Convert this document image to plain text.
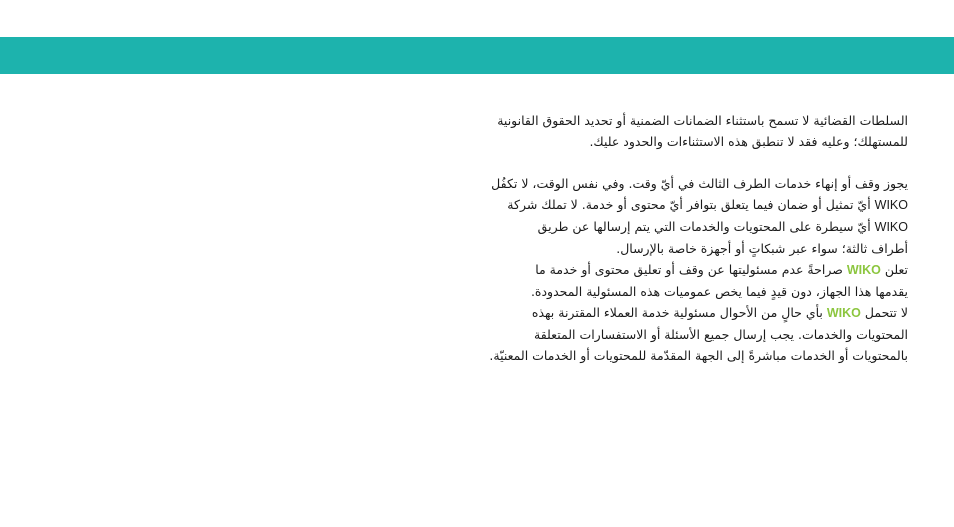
السلطات القضائية لا تسمح باستثناء الضمانات الضمنية أو تحديد الحقوق القانونية
للمستهلك؛ وعليه فقد لا تنطبق هذه الاستثناءات والحدود عليك.
يجوز وقف أو إنهاء خدمات الطرف الثالث في أيّ وقت. وفي نفس الوقت، لا تكفُل
WIKO أيّ تمثيل أو ضمان فيما يتعلق بتوافر أيّ محتوى أو خدمة. لا تملك شركة
WIKO أيّ سيطرة على المحتويات والخدمات التي يتم إرسالها عن طريق
أطراف ثالثة؛ سواء عبر شبكاتٍ أو أجهزة خاصة بالإرسال.
تعلن WIKO صراحةً عدم مسئوليتها عن وقف أو تعليق محتوى أو خدمة ما
يقدمها هذا الجهاز، دون قيدٍ فيما يخص عموميات هذه المسئولية المحدودة.
لا تتحمل WIKO بأي حالٍ من الأحوال مسئولية خدمة العملاء المقترنة بهذه
المحتويات والخدمات. يجب إرسال جميع الأسئلة أو الاستفسارات المتعلقة
بالمحتويات أو الخدمات مباشرةً إلى الجهة المقدّمة للمحتويات أو الخدمات المعنيّة.
